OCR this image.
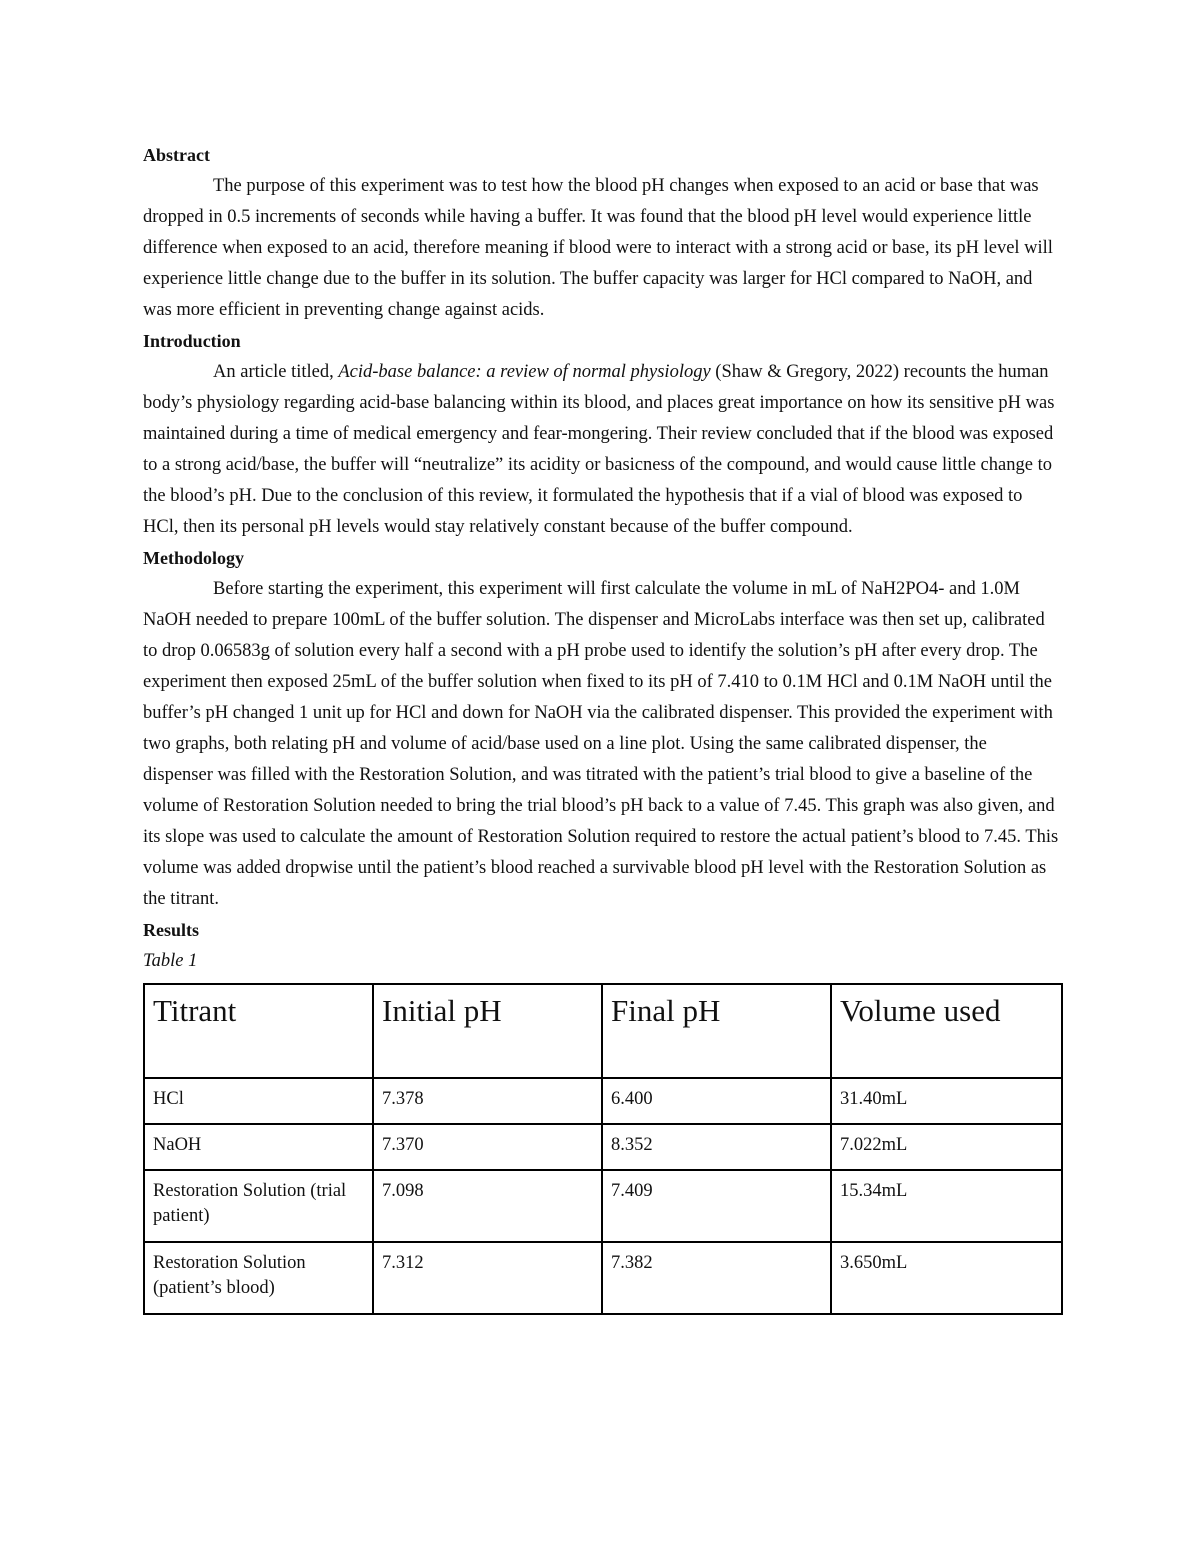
Abstract

The purpose of this experiment was to test how the blood pH changes when exposed to an acid or base that was dropped in 0.5 increments of seconds while having a buffer. It was found that the blood pH level would experience little difference when exposed to an acid, therefore meaning if blood were to interact with a strong acid or base, its pH level will experience little change due to the buffer in its solution. The buffer capacity was larger for HCl compared to NaOH, and was more efficient in preventing change against acids.

Introduction

An article titled, Acid-base balance: a review of normal physiology (Shaw & Gregory, 2022) recounts the human body’s physiology regarding acid-base balancing within its blood, and places great importance on how its sensitive pH was maintained during a time of medical emergency and fear-mongering. Their review concluded that if the blood was exposed to a strong acid/base, the buffer will “neutralize” its acidity or basicness of the compound, and would cause little change to the blood’s pH. Due to the conclusion of this review, it formulated the hypothesis that if a vial of blood was exposed to HCl, then its personal pH levels would stay relatively constant because of the buffer compound.

Methodology

Before starting the experiment, this experiment will first calculate the volume in mL of NaH2PO4- and 1.0M NaOH needed to prepare 100mL of the buffer solution. The dispenser and MicroLabs interface was then set up, calibrated to drop 0.06583g of solution every half a second with a pH probe used to identify the solution’s pH after every drop. The experiment then exposed 25mL of the buffer solution when fixed to its pH of 7.410 to 0.1M HCl and 0.1M NaOH until the buffer’s pH changed 1 unit up for HCl and down for NaOH via the calibrated dispenser. This provided the experiment with two graphs, both relating pH and volume of acid/base used on a line plot. Using the same calibrated dispenser, the dispenser was filled with the Restoration Solution, and was titrated with the patient’s trial blood to give a baseline of the volume of Restoration Solution needed to bring the trial blood’s pH back to a value of 7.45. This graph was also given, and its slope was used to calculate the amount of Restoration Solution required to restore the actual patient’s blood to 7.45. This volume was added dropwise until the patient’s blood reached a survivable blood pH level with the Restoration Solution as the titrant.

Results

Table 1

Titrant	Initial pH	Final pH	Volume used
HCl	7.378	6.400	31.40mL
NaOH	7.370	8.352	7.022mL
Restoration Solution (trial patient)	7.098	7.409	15.34mL
Restoration Solution (patient’s blood)	7.312	7.382	3.650mL
